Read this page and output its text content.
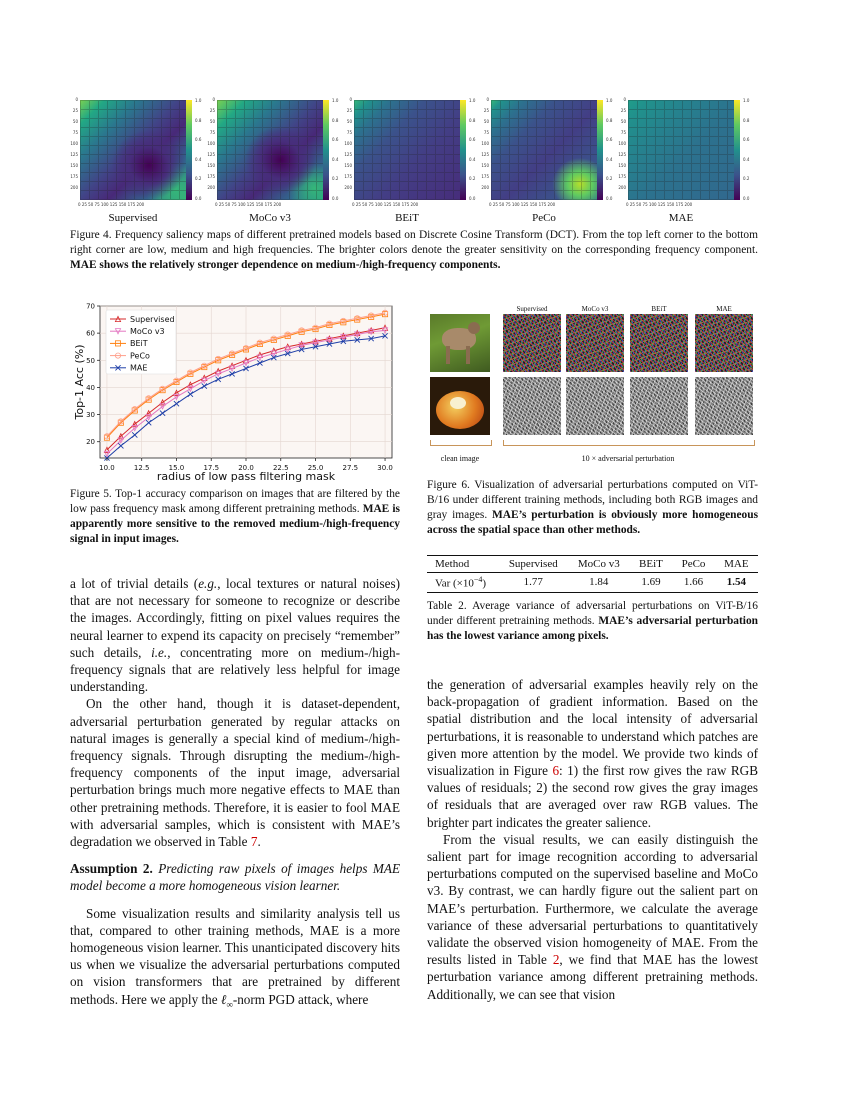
0
25
50
75
100
125
150
175
200
0 25 50 75 100 125 150 175 200
1.0
0.8
0.6
0.4
0.2
0.0
0
25
50
75
100
125
150
175
200
0 25 50 75 100 125 150 175 200
1.0
0.8
0.6
0.4
0.2
0.0
0
25
50
75
100
125
150
175
200
0 25 50 75 100 125 150 175 200
1.0
0.8
0.6
0.4
0.2
0.0
0
25
50
75
100
125
150
175
200
0 25 50 75 100 125 150 175 200
1.0
0.8
0.6
0.4
0.2
0.0
0
25
50
75
100
125
150
175
200
0 25 50 75 100 125 150 175 200
1.0
0.8
0.6
0.4
0.2
0.0
Supervised	MoCo v3	BEiT	PeCo	MAE
Figure 4. Frequency saliency maps of different pretrained models based on Discrete Cosine Transform (DCT). From the top left corner to the bottom right corner are low, medium and high frequencies. The brighter colors denote the greater sensitivity on the corresponding frequency component. MAE shows the relatively stronger dependence on medium-/high-frequency components.
10.0	12.5	15.0	17.5	20.0	22.5	25.0	27.5	30.0
20
30
40
50
60
70
Supervised
MoCo v3
BEiT
PeCo
MAE
radius of low pass filtering mask
Top-1 Acc (%)
Figure 5. Top-1 accuracy comparison on images that are filtered by the low pass frequency mask among different pretraining methods. MAE is apparently more sensitive to the removed medium-/high-frequency signal in input images.
Supervised	MoCo v3	BEiT	MAE
clean image	10 × adversarial perturbation
Figure 6. Visualization of adversarial perturbations computed on ViT-B/16 under different training methods, including both RGB images and gray images. MAE’s perturbation is obviously more homogeneous across the spatial space than other methods.
Method	Supervised	MoCo v3	BEiT	PeCo	MAE
Var $(\times 10^{-4})$	1.77	1.84	1.69	1.66	1.54
Table 2. Average variance of adversarial perturbations on ViT-B/16 under different pretraining methods. MAE’s adversarial perturbation has the lowest variance among pixels.

a lot of trivial details (e.g., local textures or natural noises) that are not necessary for someone to recognize or describe the images. Accordingly, fitting on pixel values requires the neural learner to expend its capacity on precisely “remember” such details, i.e., concentrating more on medium-/high-frequency signals that are relatively less helpful for image understanding.

On the other hand, though it is dataset-dependent, adversarial perturbation generated by regular attacks on natural images is generally a special kind of medium-/high-frequency signals. Through disrupting the medium-/high-frequency components of the input image, adversarial perturbation brings much more negative effects to MAE than other pretraining methods. Therefore, it is easier to fool MAE with adversarial samples, which is consistent with MAE’s degradation we observed in Table 7.

Assumption 2. Predicting raw pixels of images helps MAE model become a more homogeneous vision learner.

Some visualization results and similarity analysis tell us that, compared to other training methods, MAE is a more homogeneous vision learner. This unanticipated discovery hits us when we visualize the adversarial perturbations computed on vision transformers that are pretrained by different methods. Here we apply the ℓ$_\infty$-norm PGD attack, where

the generation of adversarial examples heavily rely on the back-propagation of gradient information. Based on the spatial distribution and the local intensity of adversarial perturbations, it is reasonable to understand which patches are given more attention by the model. We provide two kinds of visualization in Figure 6: 1) the first row gives the raw RGB values of residuals; 2) the second row gives the gray images of residuals that are averaged over raw RGB values. The brighter part indicates the greater salience.

From the visual results, we can easily distinguish the salient part for image recognition according to adversarial perturbations computed on the supervised baseline and MoCo v3. By contrast, we can hardly figure out the salient part on MAE’s perturbation. Furthermore, we calculate the average variance of these adversarial perturbations to quantitatively validate the observed vision homogeneity of MAE. From the results listed in Table 2, we find that MAE has the lowest perturbation variance among different pretraining methods. Additionally, we can see that vision
